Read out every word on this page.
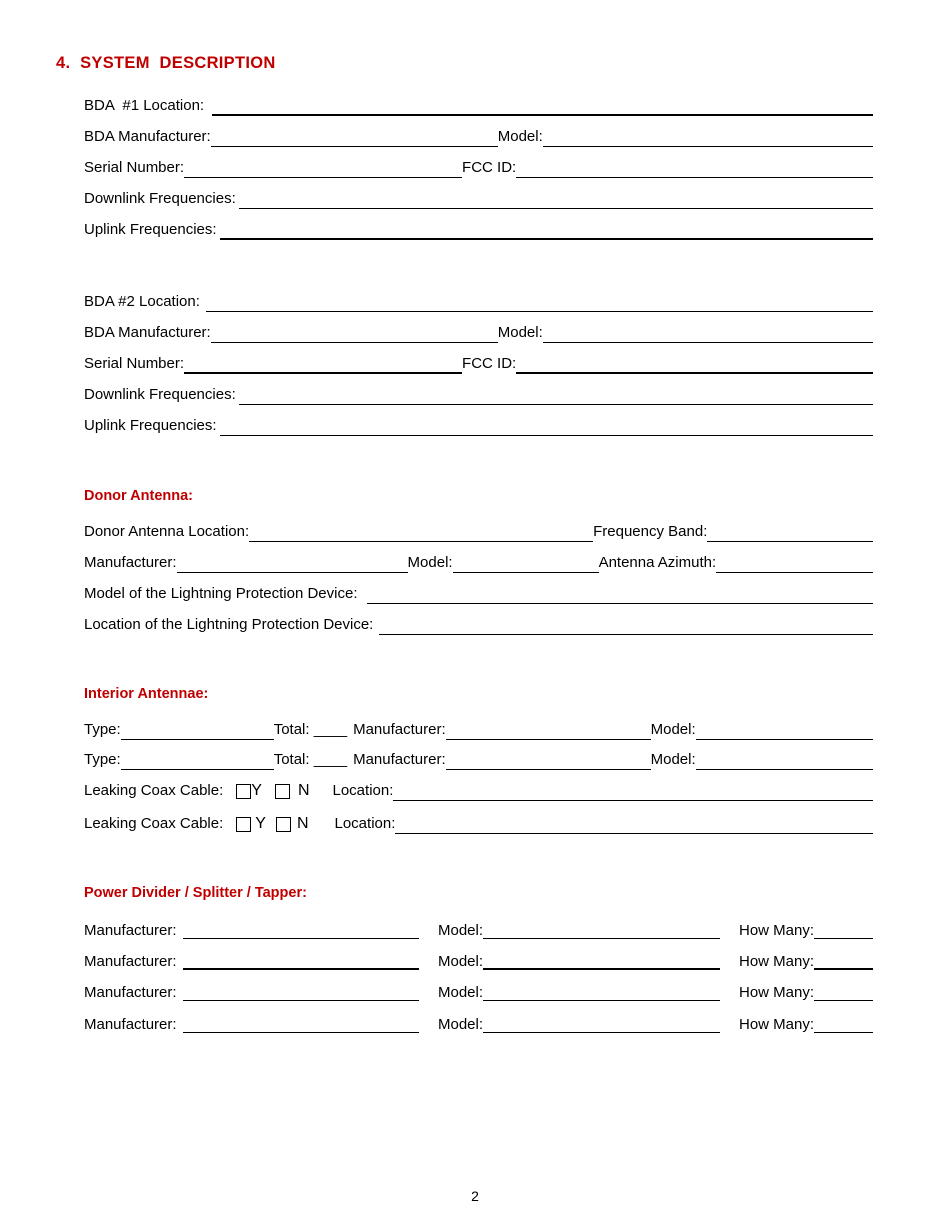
4.  SYSTEM  DESCRIPTION
BDA  #1 Location:
BDA Manufacturer:	Model:
Serial Number:	FCC ID:
Downlink Frequencies:
Uplink Frequencies:
BDA #2 Location:
BDA Manufacturer:	Model:
Serial Number:	FCC ID:
Downlink Frequencies:
Uplink Frequencies:
Donor Antenna:
Donor Antenna Location:	Frequency Band:
Manufacturer:	Model:	Antenna Azimuth:
Model of the Lightning Protection Device:
Location of the Lightning Protection Device:
Interior Antennae:
Type:	Total: ____ Manufacturer:	Model:
Type:	Total: ____ Manufacturer:	Model:
Leaking Coax Cable: Y N Location:
Leaking Coax Cable: Y N Location:
Power Divider / Splitter / Tapper:
Manufacturer:	Model:	How Many:
Manufacturer:	Model:	How Many:
Manufacturer:	Model:	How Many:
Manufacturer:	Model:	How Many:
2
